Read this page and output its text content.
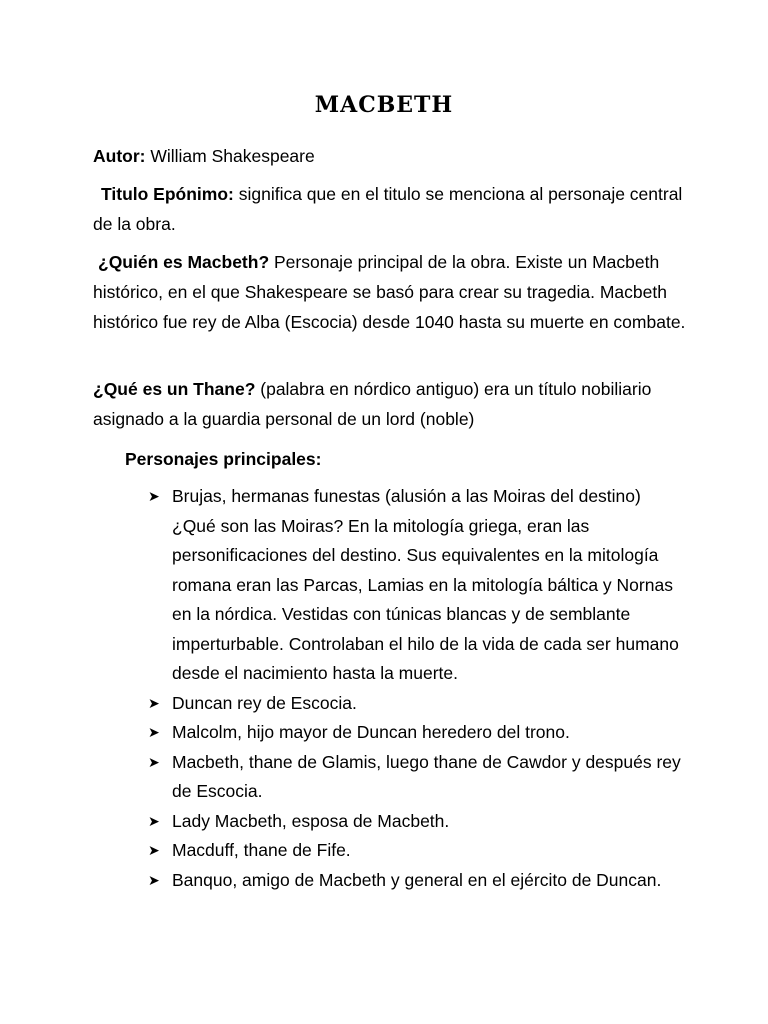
MACBETH

Autor: William Shakespeare

Titulo Epónimo: significa que en el titulo se menciona al personaje central de la obra.

¿Quién es Macbeth? Personaje principal de la obra. Existe un Macbeth histórico, en el que Shakespeare se basó para crear su tragedia. Macbeth histórico fue rey de Alba (Escocia) desde 1040 hasta su muerte en combate.

¿Qué es un Thane? (palabra en nórdico antiguo) era un título nobiliario asignado a la guardia personal de un lord (noble)

Personajes principales:

➤ Brujas, hermanas funestas (alusión a las Moiras del destino) ¿Qué son las Moiras? En la mitología griega, eran las personificaciones del destino. Sus equivalentes en la mitología romana eran las Parcas, Lamias en la mitología báltica y Nornas en la nórdica. Vestidas con túnicas blancas y de semblante imperturbable. Controlaban el hilo de la vida de cada ser humano desde el nacimiento hasta la muerte.
➤ Duncan rey de Escocia.
➤ Malcolm, hijo mayor de Duncan heredero del trono.
➤ Macbeth, thane de Glamis, luego thane de Cawdor y después rey de Escocia.
➤ Lady Macbeth, esposa de Macbeth.
➤ Macduff, thane de Fife.
➤ Banquo, amigo de Macbeth y general en el ejército de Duncan.
